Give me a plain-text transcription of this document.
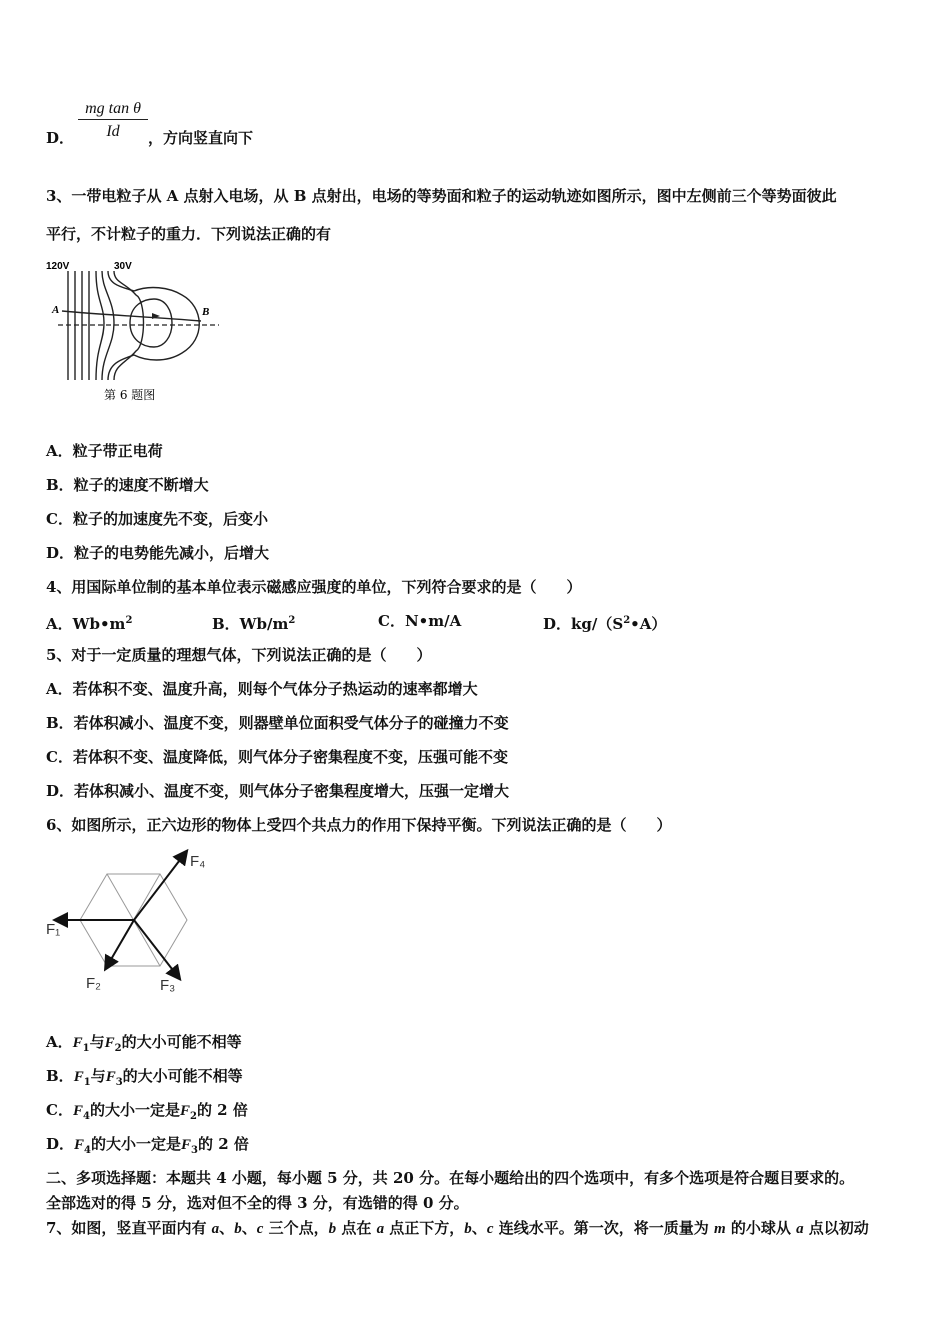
$\frac{\text{mg tan θ}}{Id}$
D．	，方向竖直向下
3、一带电粒子从 A 点射入电场，从 B 点射出，电场的等势面和粒子的运动轨迹如图所示，图中左侧前三个等势面彼此
平行，不计粒子的重力．下列说法正确的有
120V	30V
A	B
第 6 题图
A．粒子带正电荷
B．粒子的速度不断增大
C．粒子的加速度先不变，后变小
D．粒子的电势能先减小，后增大
4、用国际单位制的基本单位表示磁感应强度的单位，下列符合要求的是（　　）
A．$Wb•m^2$	B．$Wb/m^2$	C．N•m/A	D．$kg/(S^2•A)$
5、对于一定质量的理想气体，下列说法正确的是（　　）
A．若体积不变、温度升高，则每个气体分子热运动的速率都增大
B．若体积减小、温度不变，则器壁单位面积受气体分子的碰撞力不变
C．若体积不变、温度降低，则气体分子密集程度不变，压强可能不变
D．若体积减小、温度不变，则气体分子密集程度增大，压强一定增大
6、如图所示，正六边形的物体上受四个共点力的作用下保持平衡。下列说法正确的是（　　）
F₁
F₂	F₃
F₄
A．$F_1$与$F_2$的大小可能不相等
B．$F_1$与$F_3$的大小可能不相等
C．$F_4$的大小一定是$F_2$的 2 倍
D．$F_4$的大小一定是$F_3$的 2 倍
二、多项选择题：本题共 4 小题，每小题 5 分，共 20 分。在每小题给出的四个选项中，有多个选项是符合题目要求的。
全部选对的得 5 分，选对但不全的得 3 分，有选错的得 0 分。
7、如图，竖直平面内有 a、b、c 三个点，b 点在 a 点正下方，b、c 连线水平。第一次，将一质量为 m 的小球从 a 点以初动
